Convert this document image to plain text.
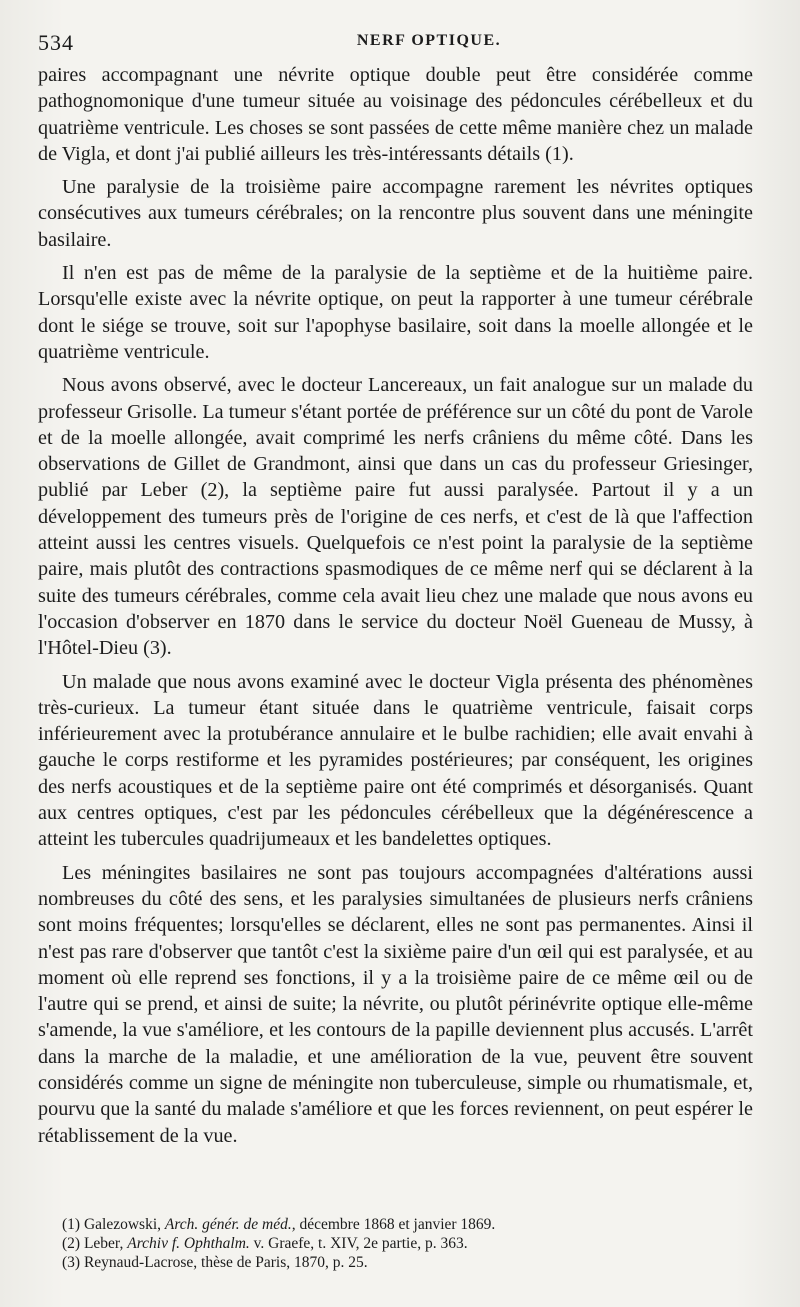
534	NERF OPTIQUE.

paires accompagnant une névrite optique double peut être considérée comme pathognomonique d'une tumeur située au voisinage des pédoncules cérébelleux et du quatrième ventricule. Les choses se sont passées de cette même manière chez un malade de Vigla, et dont j'ai publié ailleurs les très-intéressants détails (1).

Une paralysie de la troisième paire accompagne rarement les névrites optiques consécutives aux tumeurs cérébrales; on la rencontre plus souvent dans une méningite basilaire.

Il n'en est pas de même de la paralysie de la septième et de la huitième paire. Lorsqu'elle existe avec la névrite optique, on peut la rapporter à une tumeur cérébrale dont le siége se trouve, soit sur l'apophyse basilaire, soit dans la moelle allongée et le quatrième ventricule.

Nous avons observé, avec le docteur Lancereaux, un fait analogue sur un malade du professeur Grisolle. La tumeur s'étant portée de préférence sur un côté du pont de Varole et de la moelle allongée, avait comprimé les nerfs crâniens du même côté. Dans les observations de Gillet de Grandmont, ainsi que dans un cas du professeur Griesinger, publié par Leber (2), la septième paire fut aussi paralysée. Partout il y a un développement des tumeurs près de l'origine de ces nerfs, et c'est de là que l'affection atteint aussi les centres visuels. Quelquefois ce n'est point la paralysie de la septième paire, mais plutôt des contractions spasmodiques de ce même nerf qui se déclarent à la suite des tumeurs cérébrales, comme cela avait lieu chez une malade que nous avons eu l'occasion d'observer en 1870 dans le service du docteur Noël Gueneau de Mussy, à l'Hôtel-Dieu (3).

Un malade que nous avons examiné avec le docteur Vigla présenta des phénomènes très-curieux. La tumeur étant située dans le quatrième ventricule, faisait corps inférieurement avec la protubérance annulaire et le bulbe rachidien; elle avait envahi à gauche le corps restiforme et les pyramides postérieures; par conséquent, les origines des nerfs acoustiques et de la septième paire ont été comprimés et désorganisés. Quant aux centres optiques, c'est par les pédoncules cérébelleux que la dégénérescence a atteint les tubercules quadrijumeaux et les bandelettes optiques.

Les méningites basilaires ne sont pas toujours accompagnées d'altérations aussi nombreuses du côté des sens, et les paralysies simultanées de plusieurs nerfs crâniens sont moins fréquentes; lorsqu'elles se déclarent, elles ne sont pas permanentes. Ainsi il n'est pas rare d'observer que tantôt c'est la sixième paire d'un œil qui est paralysée, et au moment où elle reprend ses fonctions, il y a la troisième paire de ce même œil ou de l'autre qui se prend, et ainsi de suite; la névrite, ou plutôt périnévrite optique elle-même s'amende, la vue s'améliore, et les contours de la papille deviennent plus accusés. L'arrêt dans la marche de la maladie, et une amélioration de la vue, peuvent être souvent considérés comme un signe de méningite non tuberculeuse, simple ou rhumatismale, et, pourvu que la santé du malade s'améliore et que les forces reviennent, on peut espérer le rétablissement de la vue.

(1) Galezowski, Arch. génér. de méd., décembre 1868 et janvier 1869.
(2) Leber, Archiv f. Ophthalm. v. Graefe, t. XIV, 2e partie, p. 363.
(3) Reynaud-Lacrose, thèse de Paris, 1870, p. 25.
